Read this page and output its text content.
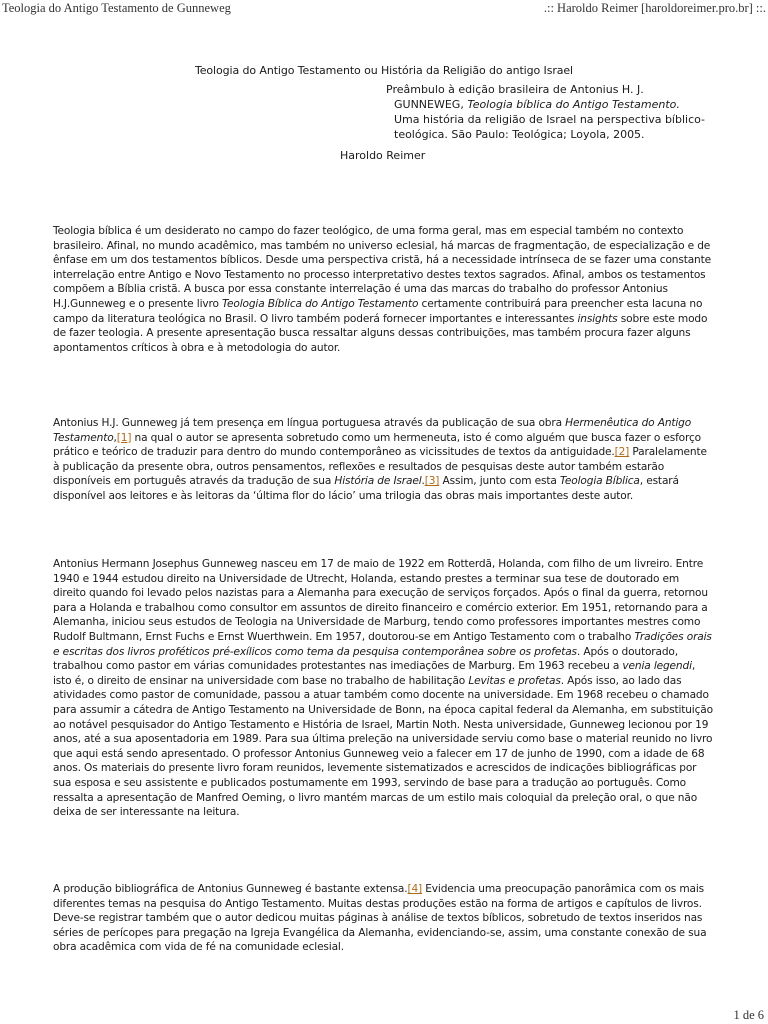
Teologia do Antigo Testamento de Gunneweg	.:: Haroldo Reimer [haroldoreimer.pro.br] ::.
Teologia do Antigo Testamento ou História da Religião do antigo Israel
Preâmbulo à edição brasileira de Antonius H. J.
GUNNEWEG, Teologia bíblica do Antigo Testamento.
Uma história da religião de Israel na perspectiva bíblico-
teológica. São Paulo: Teológica; Loyola, 2005.
Haroldo Reimer

Teologia bíblica é um desiderato no campo do fazer teológico, de uma forma geral, mas em especial também no contexto brasileiro. Afinal, no mundo acadêmico, mas também no universo eclesial, há marcas de fragmentação, de especialização e de ênfase em um dos testamentos bíblicos. Desde uma perspectiva cristã, há a necessidade intrínseca de se fazer uma constante interrelação entre Antigo e Novo Testamento no processo interpretativo destes textos sagrados. Afinal, ambos os testamentos compõem a Bíblia cristã. A busca por essa constante interrelação é uma das marcas do trabalho do professor Antonius H.J.Gunneweg e o presente livro Teologia Bíblica do Antigo Testamento certamente contribuirá para preencher esta lacuna no campo da literatura teológica no Brasil. O livro também poderá fornecer importantes e interessantes insights sobre este modo de fazer teologia. A presente apresentação busca ressaltar alguns dessas contribuições, mas também procura fazer alguns apontamentos críticos à obra e à metodologia do autor.

Antonius H.J. Gunneweg já tem presença em língua portuguesa através da publicação de sua obra Hermenêutica do Antigo Testamento,[1] na qual o autor se apresenta sobretudo como um hermeneuta, isto é como alguém que busca fazer o esforço prático e teórico de traduzir para dentro do mundo contemporâneo as vicissitudes de textos da antiguidade.[2] Paralelamente à publicação da presente obra, outros pensamentos, reflexões e resultados de pesquisas deste autor também estarão disponíveis em português através da tradução de sua História de Israel.[3] Assim, junto com esta Teologia Bíblica, estará disponível aos leitores e às leitoras da ‘última flor do lácio’ uma trilogia das obras mais importantes deste autor.

Antonius Hermann Josephus Gunneweg nasceu em 17 de maio de 1922 em Rotterdã, Holanda, com filho de um livreiro. Entre 1940 e 1944 estudou direito na Universidade de Utrecht, Holanda, estando prestes a terminar sua tese de doutorado em direito quando foi levado pelos nazistas para a Alemanha para execução de serviços forçados. Após o final da guerra, retornou para a Holanda e trabalhou como consultor em assuntos de direito financeiro e comércio exterior. Em 1951, retornando para a Alemanha, iniciou seus estudos de Teologia na Universidade de Marburg, tendo como professores importantes mestres como Rudolf Bultmann, Ernst Fuchs e Ernst Wuerthwein. Em 1957, doutorou-se em Antigo Testamento com o trabalho Tradições orais e escritas dos livros proféticos pré-exílicos como tema da pesquisa contemporânea sobre os profetas. Após o doutorado, trabalhou como pastor em várias comunidades protestantes nas imediações de Marburg. Em 1963 recebeu a venia legendi, isto é, o direito de ensinar na universidade com base no trabalho de habilitação Levitas e profetas. Após isso, ao lado das atividades como pastor de comunidade, passou a atuar também como docente na universidade. Em 1968 recebeu o chamado para assumir a cátedra de Antigo Testamento na Universidade de Bonn, na época capital federal da Alemanha, em substituição ao notável pesquisador do Antigo Testamento e História de Israel, Martin Noth. Nesta universidade, Gunneweg lecionou por 19 anos, até a sua aposentadoria em 1989. Para sua última preleção na universidade serviu como base o material reunido no livro que aqui está sendo apresentado. O professor Antonius Gunneweg veio a falecer em 17 de junho de 1990, com a idade de 68 anos. Os materiais do presente livro foram reunidos, levemente sistematizados e acrescidos de indicações bibliográficas por sua esposa e seu assistente e publicados postumamente em 1993, servindo de base para a tradução ao português. Como ressalta a apresentação de Manfred Oeming, o livro mantém marcas de um estilo mais coloquial da preleção oral, o que não deixa de ser interessante na leitura.

A produção bibliográfica de Antonius Gunneweg é bastante extensa.[4] Evidencia uma preocupação panorâmica com os mais diferentes temas na pesquisa do Antigo Testamento. Muitas destas produções estão na forma de artigos e capítulos de livros. Deve-se registrar também que o autor dedicou muitas páginas à análise de textos bíblicos, sobretudo de textos inseridos nas séries de perícopes para pregação na Igreja Evangélica da Alemanha, evidenciando-se, assim, uma constante conexão de sua obra acadêmica com vida de fé na comunidade eclesial.

1 de 6
